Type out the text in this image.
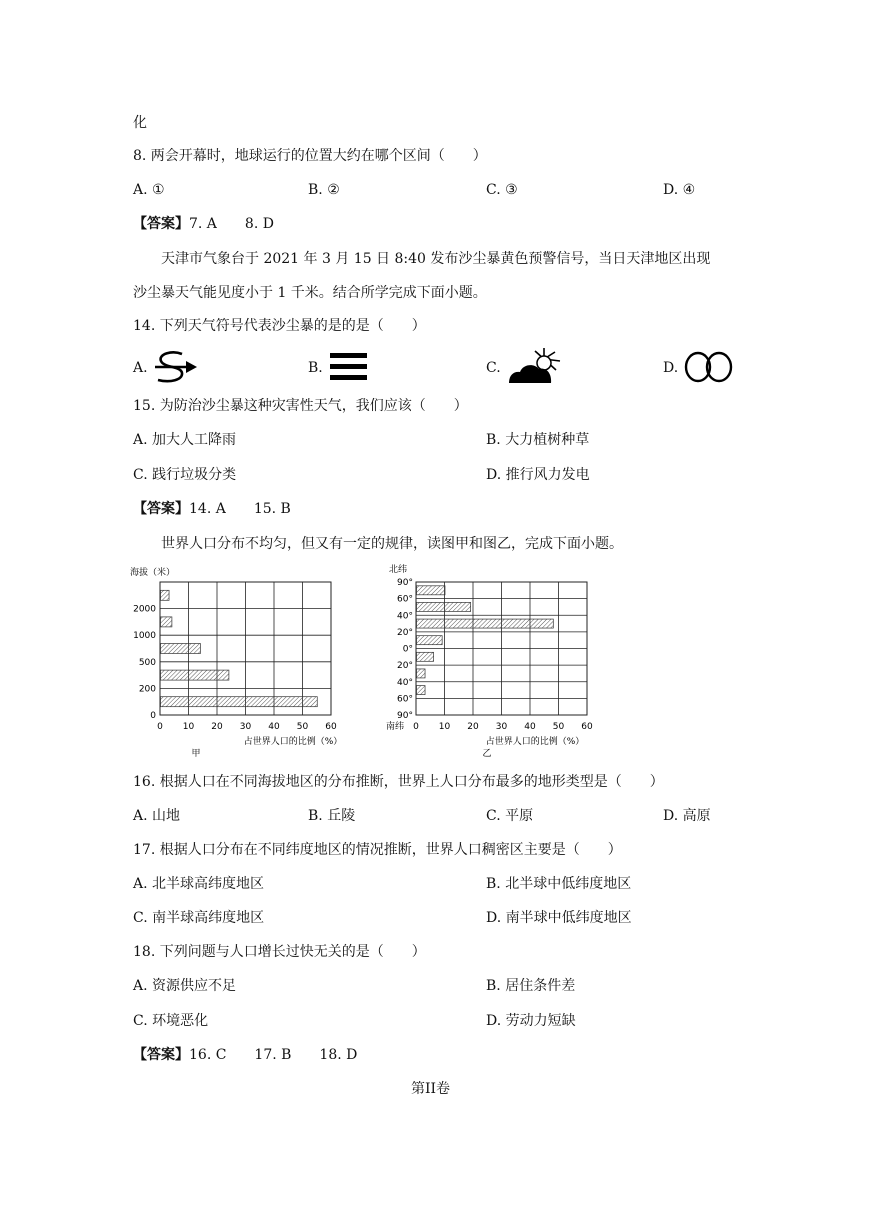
化
8. 两会开幕时，地球运行的位置大约在哪个区间（　　）
A. ①	B. ②	C. ③	D. ④
【答案】7. A　　8. D
天津市气象台于 2021 年 3 月 15 日 8:40 发布沙尘暴黄色预警信号，当日天津地区出现
沙尘暴天气能见度小于 1 千米。结合所学完成下面小题。
14. 下列天气符号代表沙尘暴的是的是（　　）
A.	B.	C.	D.
15. 为防治沙尘暴这种灾害性天气，我们应该（　　）
A. 加大人工降雨	B. 大力植树种草
C. 践行垃圾分类	D. 推行风力发电
【答案】14. A　　15. B
世界人口分布不均匀，但又有一定的规律，读图甲和图乙，完成下面小题。
海拔（米）
0
200
500
1000
2000
0 10 20 30 40 50 60
占世界人口的比例（%）
甲
北纬
90°
60°
40°
20°
0°
20°
40°
60°
90°
0 10 20 30 40 50 60
南纬
占世界人口的比例（%）
乙
16. 根据人口在不同海拔地区的分布推断，世界上人口分布最多的地形类型是（　　）
A. 山地	B. 丘陵	C. 平原	D. 高原
17. 根据人口分布在不同纬度地区的情况推断，世界人口稠密区主要是（　　）
A. 北半球高纬度地区	B. 北半球中低纬度地区
C. 南半球高纬度地区	D. 南半球中低纬度地区
18. 下列问题与人口增长过快无关的是（　　）
A. 资源供应不足	B. 居住条件差
C. 环境恶化	D. 劳动力短缺
【答案】16. C　　17. B　　18. D
第II卷
